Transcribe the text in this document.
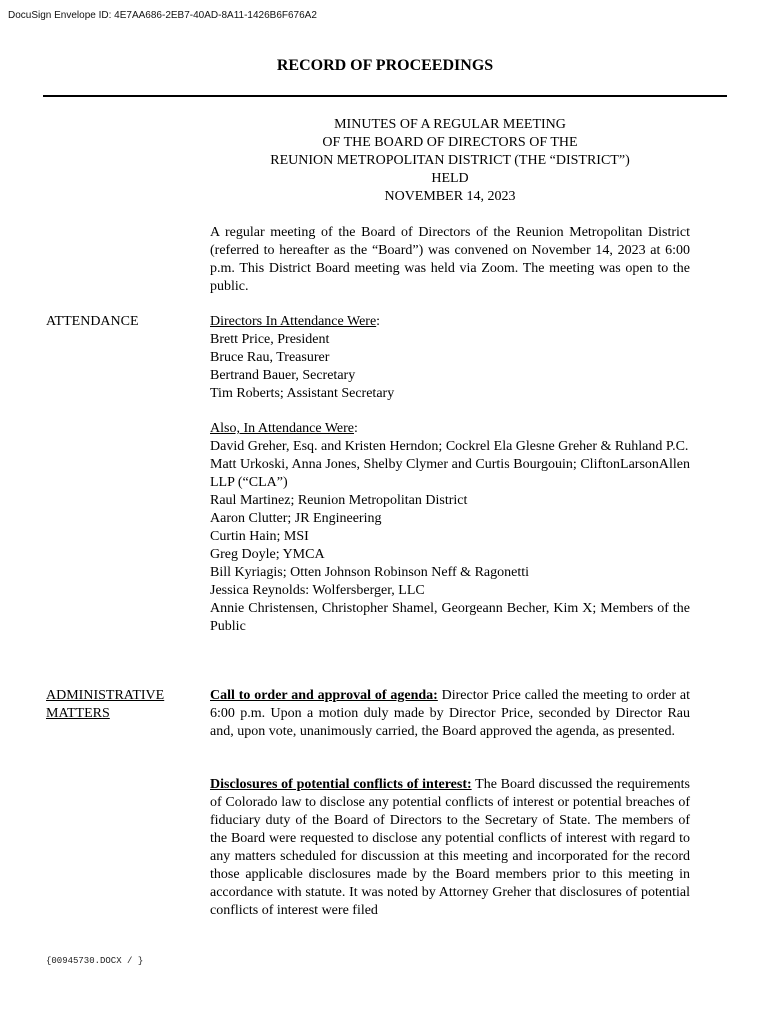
DocuSign Envelope ID: 4E7AA686-2EB7-40AD-8A11-1426B6F676A2
RECORD OF PROCEEDINGS
MINUTES OF A REGULAR MEETING
OF THE BOARD OF DIRECTORS OF THE
REUNION METROPOLITAN DISTRICT (THE “DISTRICT”)
HELD
NOVEMBER 14, 2023
A regular meeting of the Board of Directors of the Reunion Metropolitan District (referred to hereafter as the “Board”) was convened on November 14, 2023 at 6:00 p.m. This District Board meeting was held via Zoom. The meeting was open to the public.
ATTENDANCE	Directors In Attendance Were:
Brett Price, President
Bruce Rau, Treasurer
Bertrand Bauer, Secretary
Tim Roberts; Assistant Secretary
Also, In Attendance Were:
David Greher, Esq. and Kristen Herndon; Cockrel Ela Glesne Greher & Ruhland P.C.
Matt Urkoski, Anna Jones, Shelby Clymer and Curtis Bourgouin; CliftonLarsonAllen LLP (“CLA”)
Raul Martinez; Reunion Metropolitan District
Aaron Clutter; JR Engineering
Curtin Hain; MSI
Greg Doyle; YMCA
Bill Kyriagis; Otten Johnson Robinson Neff & Ragonetti
Jessica Reynolds: Wolfersberger, LLC
Annie Christensen, Christopher Shamel, Georgeann Becher, Kim X; Members of the Public
ADMINISTRATIVE
MATTERS
Call to order and approval of agenda: Director Price called the meeting to order at 6:00 p.m. Upon a motion duly made by Director Price, seconded by Director Rau and, upon vote, unanimously carried, the Board approved the agenda, as presented.
Disclosures of potential conflicts of interest: The Board discussed the requirements of Colorado law to disclose any potential conflicts of interest or potential breaches of fiduciary duty of the Board of Directors to the Secretary of State. The members of the Board were requested to disclose any potential conflicts of interest with regard to any matters scheduled for discussion at this meeting and incorporated for the record those applicable disclosures made by the Board members prior to this meeting in accordance with statute. It was noted by Attorney Greher that disclosures of potential conflicts of interest were filed
{00945730.DOCX / }
